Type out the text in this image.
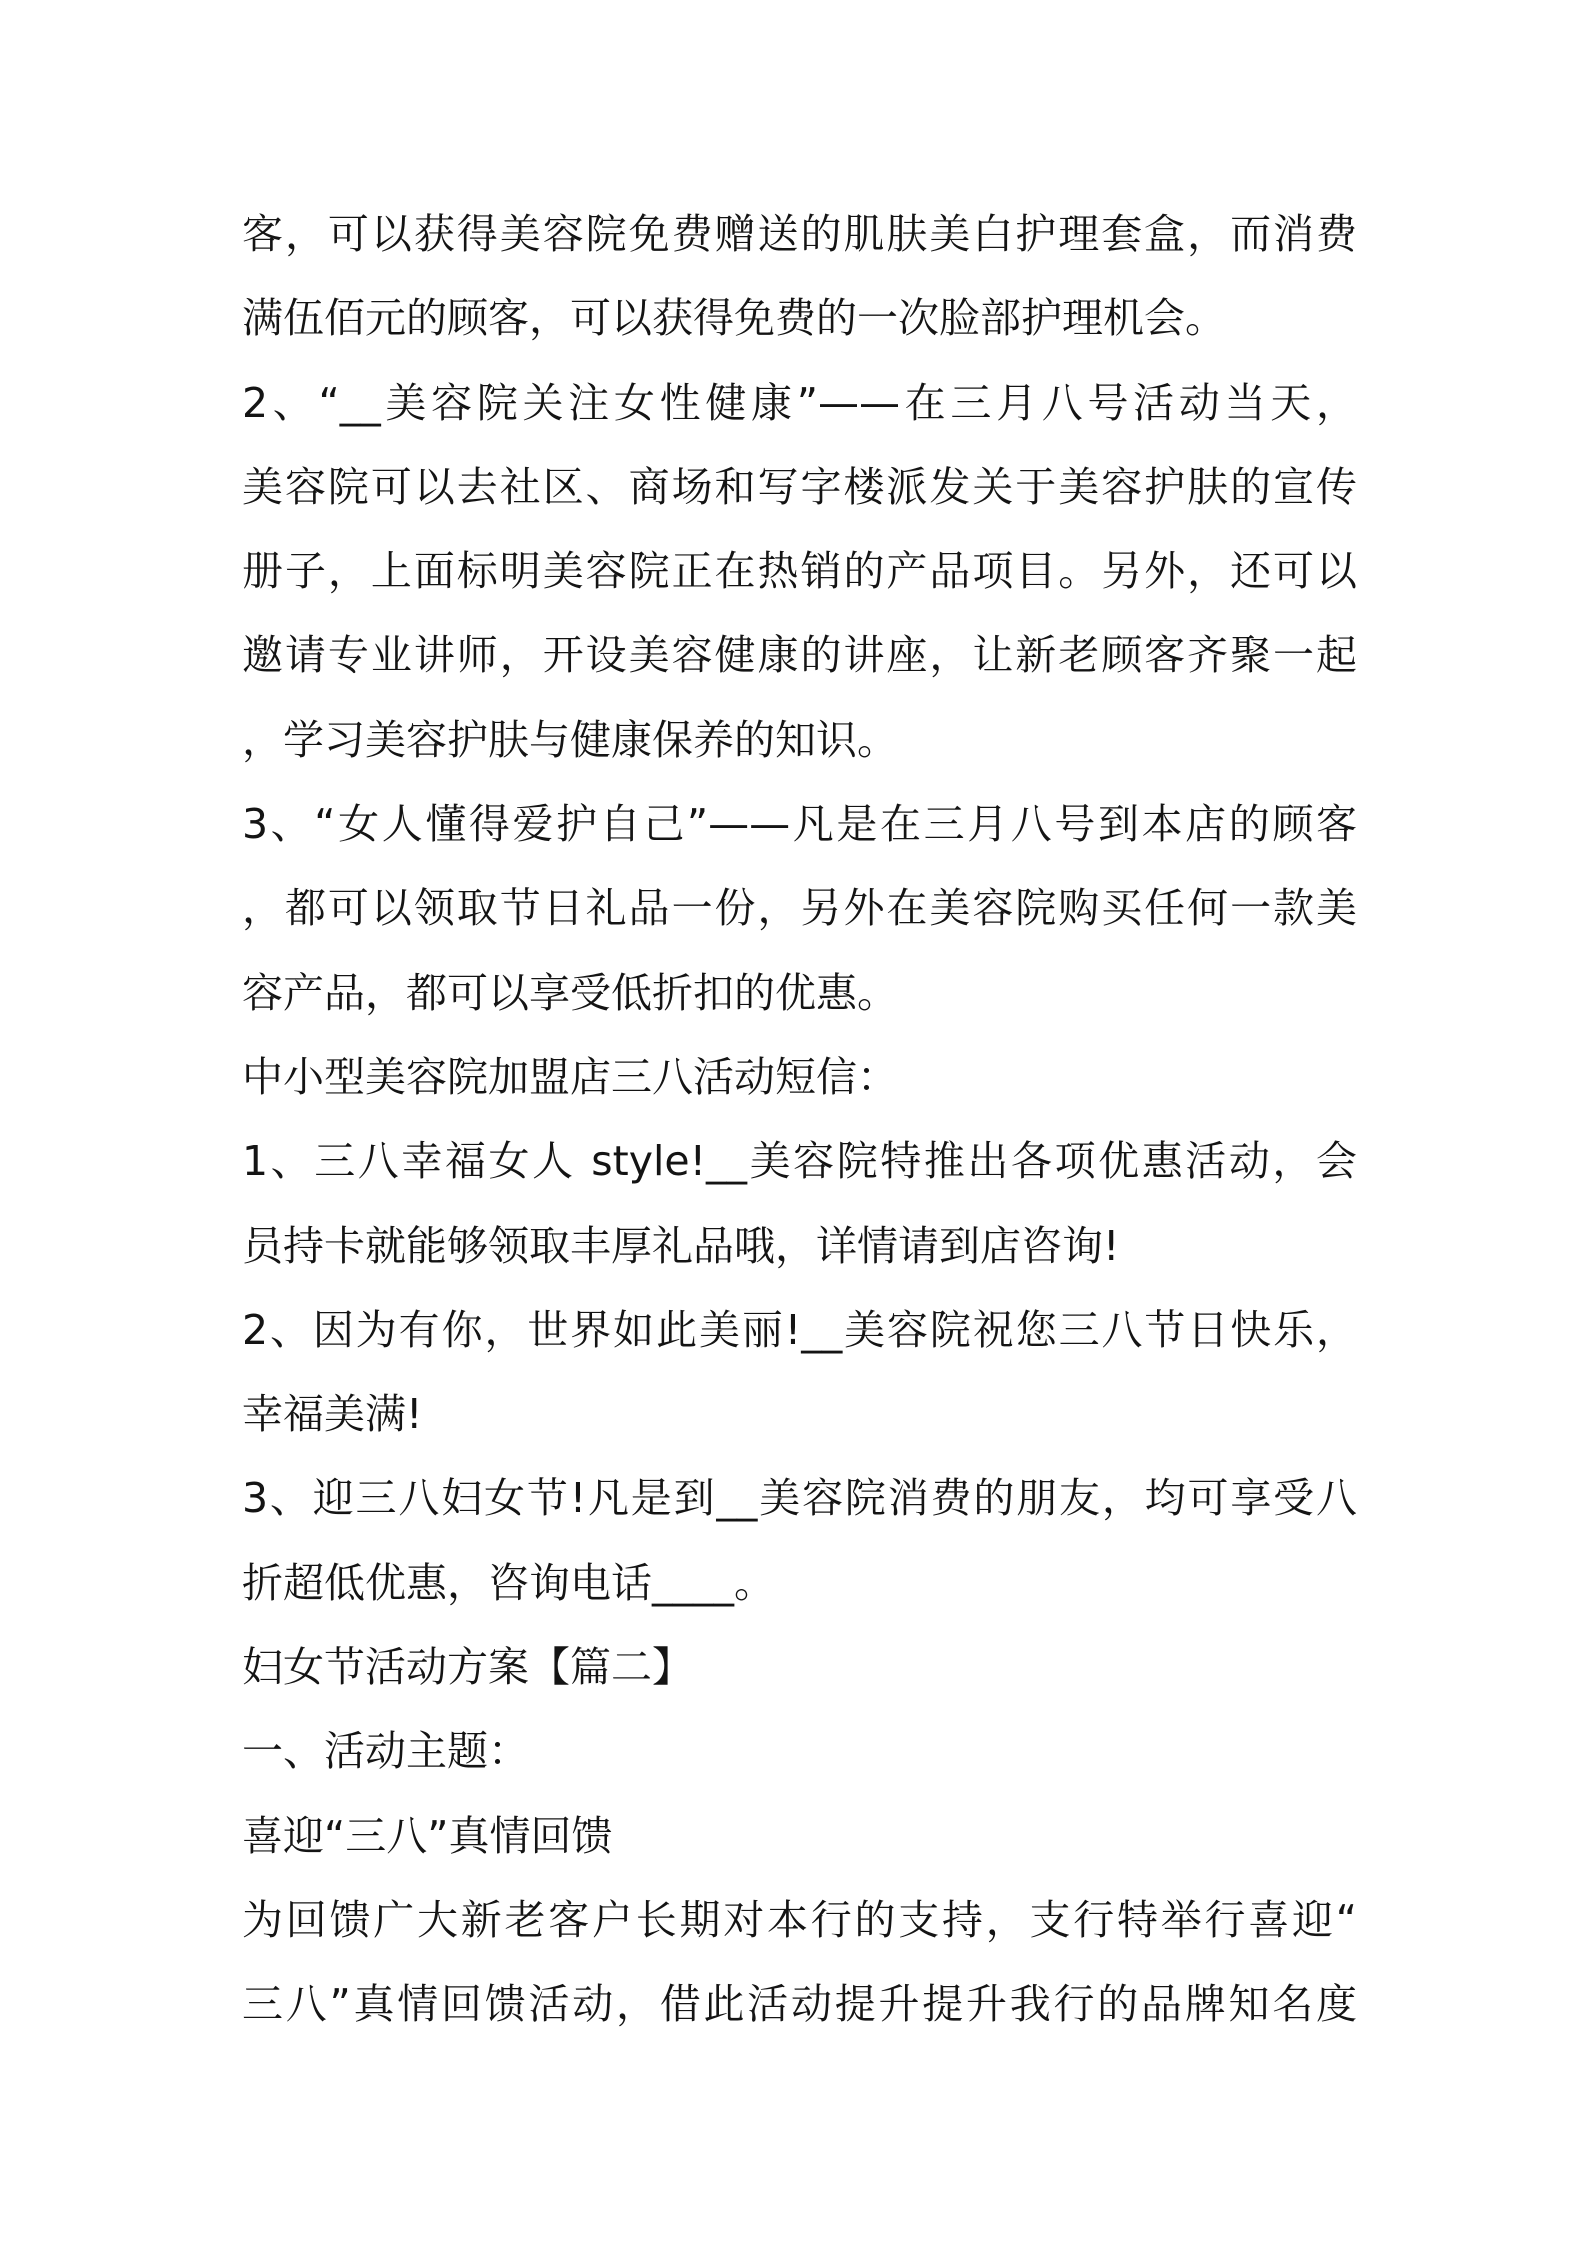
客，可以获得美容院免费赠送的肌肤美白护理套盒，而消费
满伍佰元的顾客，可以获得免费的一次脸部护理机会。
2、“__美容院关注女性健康”——在三月八号活动当天，
美容院可以去社区、商场和写字楼派发关于美容护肤的宣传
册子，上面标明美容院正在热销的产品项目。另外，还可以
邀请专业讲师，开设美容健康的讲座，让新老顾客齐聚一起
，学习美容护肤与健康保养的知识。
3、“女人懂得爱护自己”——凡是在三月八号到本店的顾客
，都可以领取节日礼品一份，另外在美容院购买任何一款美
容产品，都可以享受低折扣的优惠。
中小型美容院加盟店三八活动短信：
1、三八幸福女人 style!__美容院特推出各项优惠活动，会
员持卡就能够领取丰厚礼品哦，详情请到店咨询!
2、因为有你，世界如此美丽!__美容院祝您三八节日快乐，
幸福美满!
3、迎三八妇女节!凡是到__美容院消费的朋友，均可享受八
折超低优惠，咨询电话____。
妇女节活动方案【篇二】
一、活动主题：
喜迎“三八”真情回馈
为回馈广大新老客户长期对本行的支持，支行特举行喜迎“
三八”真情回馈活动，借此活动提升提升我行的品牌知名度
